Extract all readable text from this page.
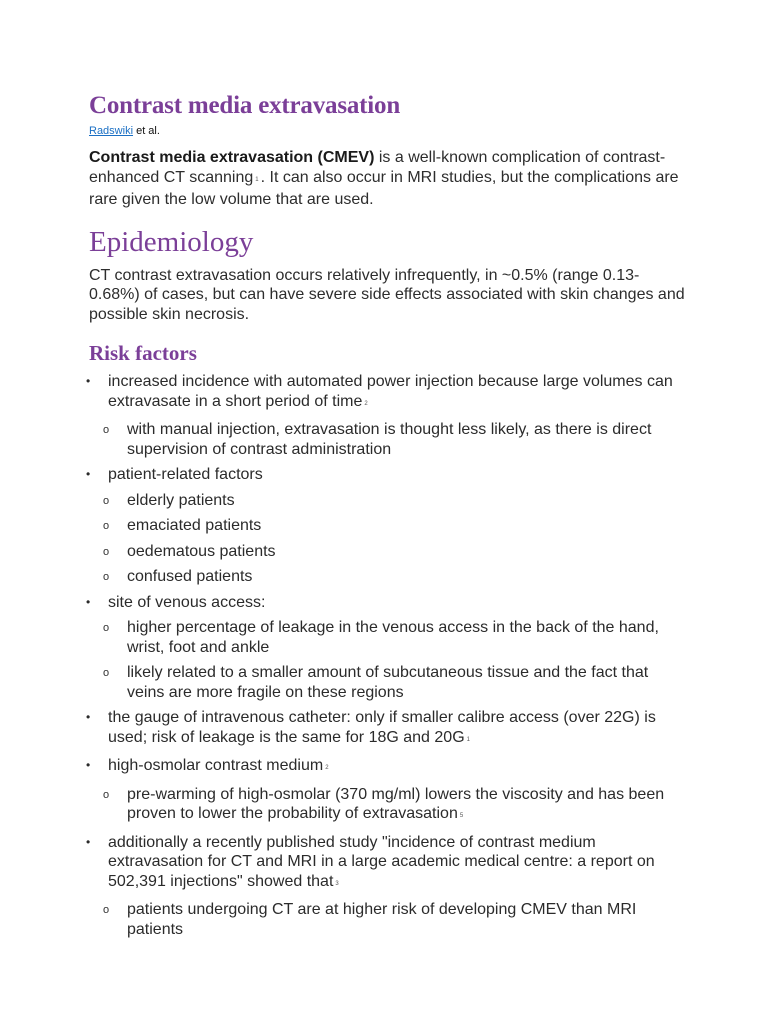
Contrast media extravasation

Radswiki et al.

Contrast media extravasation (CMEV) is a well-known complication of contrast-enhanced CT scanning $^1$ . It can also occur in MRI studies, but the complications are rare given the low volume that are used.

Epidemiology

CT contrast extravasation occurs relatively infrequently, in ~0.5% (range 0.13-0.68%) of cases, but can have severe side effects associated with skin changes and possible skin necrosis.

Risk factors
• increased incidence with automated power injection because large volumes can extravasate in a short period of time $^2$
o with manual injection, extravasation is thought less likely, as there is direct supervision of contrast administration
• patient-related factors
o elderly patients
o emaciated patients
o oedematous patients
o confused patients
• site of venous access:
o higher percentage of leakage in the venous access in the back of the hand, wrist, foot and ankle
o likely related to a smaller amount of subcutaneous tissue and the fact that veins are more fragile on these regions
• the gauge of intravenous catheter: only if smaller calibre access (over 22G) is used; risk of leakage is the same for 18G and 20G $^1$
• high-osmolar contrast medium $^2$
o pre-warming of high-osmolar (370 mg/ml) lowers the viscosity and has been proven to lower the probability of extravasation $^5$
• additionally a recently published study "incidence of contrast medium extravasation for CT and MRI in a large academic medical centre: a report on 502,391 injections" showed that $^3$
o patients undergoing CT are at higher risk of developing CMEV than MRI patients
